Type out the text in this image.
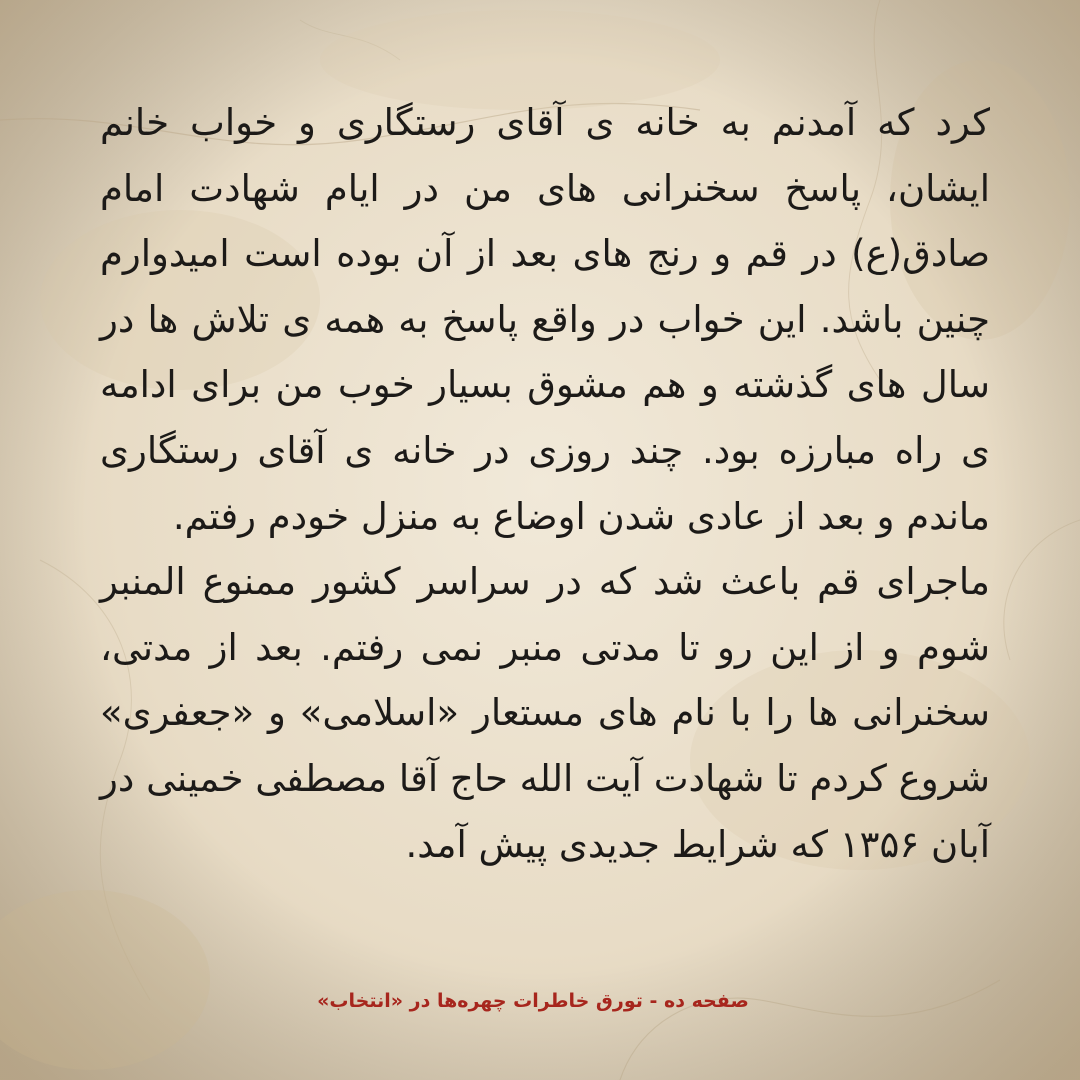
کرد که آمدنم به خانه ی آقای رستگاری و خواب خانم ایشان، پاسخ سخنرانی های من در ایام شهادت امام صادق(ع) در قم و رنج های بعد از آن بوده است امیدوارم چنین باشد. این خواب در واقع پاسخ به همه ی تلاش ها در سال های گذشته و هم مشوق بسیار خوب من برای ادامه ی راه مبارزه بود. چند روزی در خانه ی آقای رستگاری ماندم و بعد از عادی شدن اوضاع به منزل خودم رفتم.

ماجرای قم باعث شد که در سراسر کشور ممنوع المنبر شوم و از این رو تا مدتی منبر نمی رفتم. بعد از مدتی، سخنرانی ها را با نام های مستعار «اسلامی» و «جعفری» شروع کردم تا شهادت آیت الله حاج آقا مصطفی خمینی در آبان ۱۳۵۶ که شرایط جدیدی پیش آمد.

صفحه ده - تورق خاطرات چهره‌ها در «انتخاب»
